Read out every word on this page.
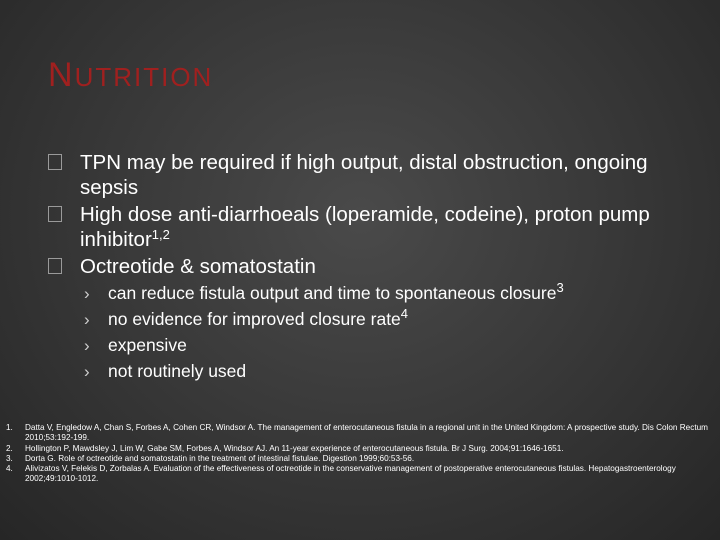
NUTRITION
TPN may be required if high output, distal obstruction, ongoing sepsis
High dose anti-diarrhoeals (loperamide, codeine), proton pump inhibitor$^{1,2}$
Octreotide & somatostatin
› can reduce fistula output and time to spontaneous closure$^3$
› no evidence for improved closure rate$^4$
› expensive
› not routinely used
1. Datta V, Engledow A, Chan S, Forbes A, Cohen CR, Windsor A. The management of enterocutaneous fistula in a regional unit in the United Kingdom: A prospective study. Dis Colon Rectum 2010;53:192-199.
2. Hollington P, Mawdsley J, Lim W, Gabe SM, Forbes A, Windsor AJ. An 11-year experience of enterocutaneous fistula. Br J Surg. 2004;91:1646-1651.
3. Dorta G. Role of octreotide and somatostatin in the treatment of intestinal fistulae. Digestion 1999;60:53-56.
4. Alivizatos V, Felekis D, Zorbalas A. Evaluation of the effectiveness of octreotide in the conservative management of postoperative enterocutaneous fistulas. Hepatogastroenterology 2002;49:1010-1012.
